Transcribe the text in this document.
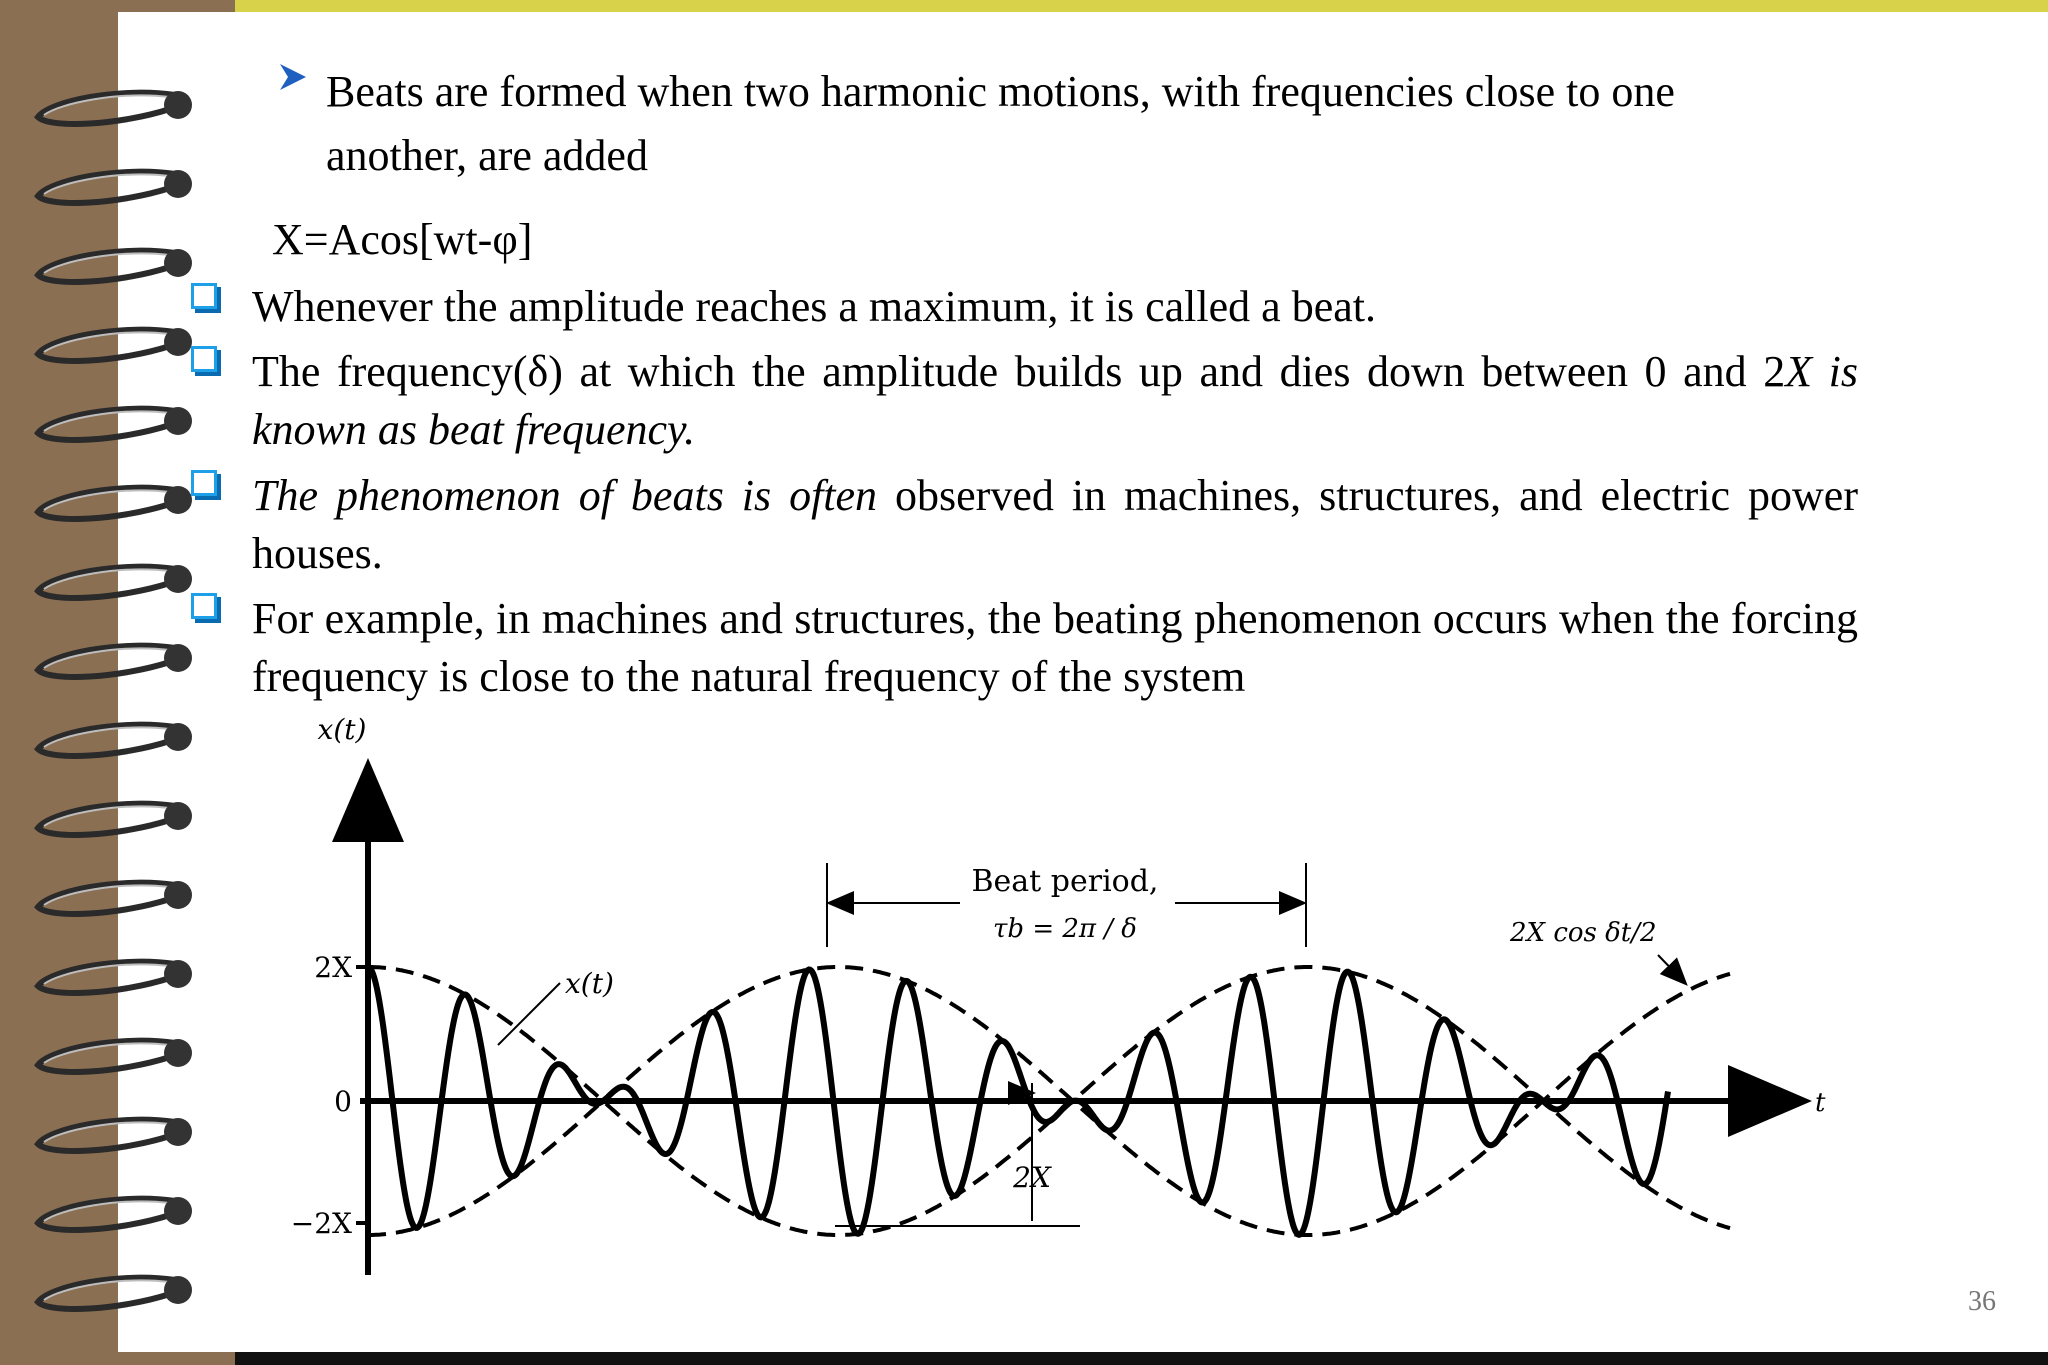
Beats are formed when two harmonic motions, with frequencies close to one
another, are added
X=Acos[wt-φ]
Whenever the amplitude reaches a maximum, it is called a beat.
The frequency(δ) at which the amplitude builds up and dies down between 0 and 2X is known as beat frequency.
The phenomenon of beats is often observed in machines, structures, and electric power houses.
For example, in machines and structures, the beating phenomenon occurs when the forcing frequency is close to the natural frequency of the system
x(t)
t
2X
0
−2X
x(t)
Beat period,
τb = 2π / δ	2X cos δt/2
2X
36
